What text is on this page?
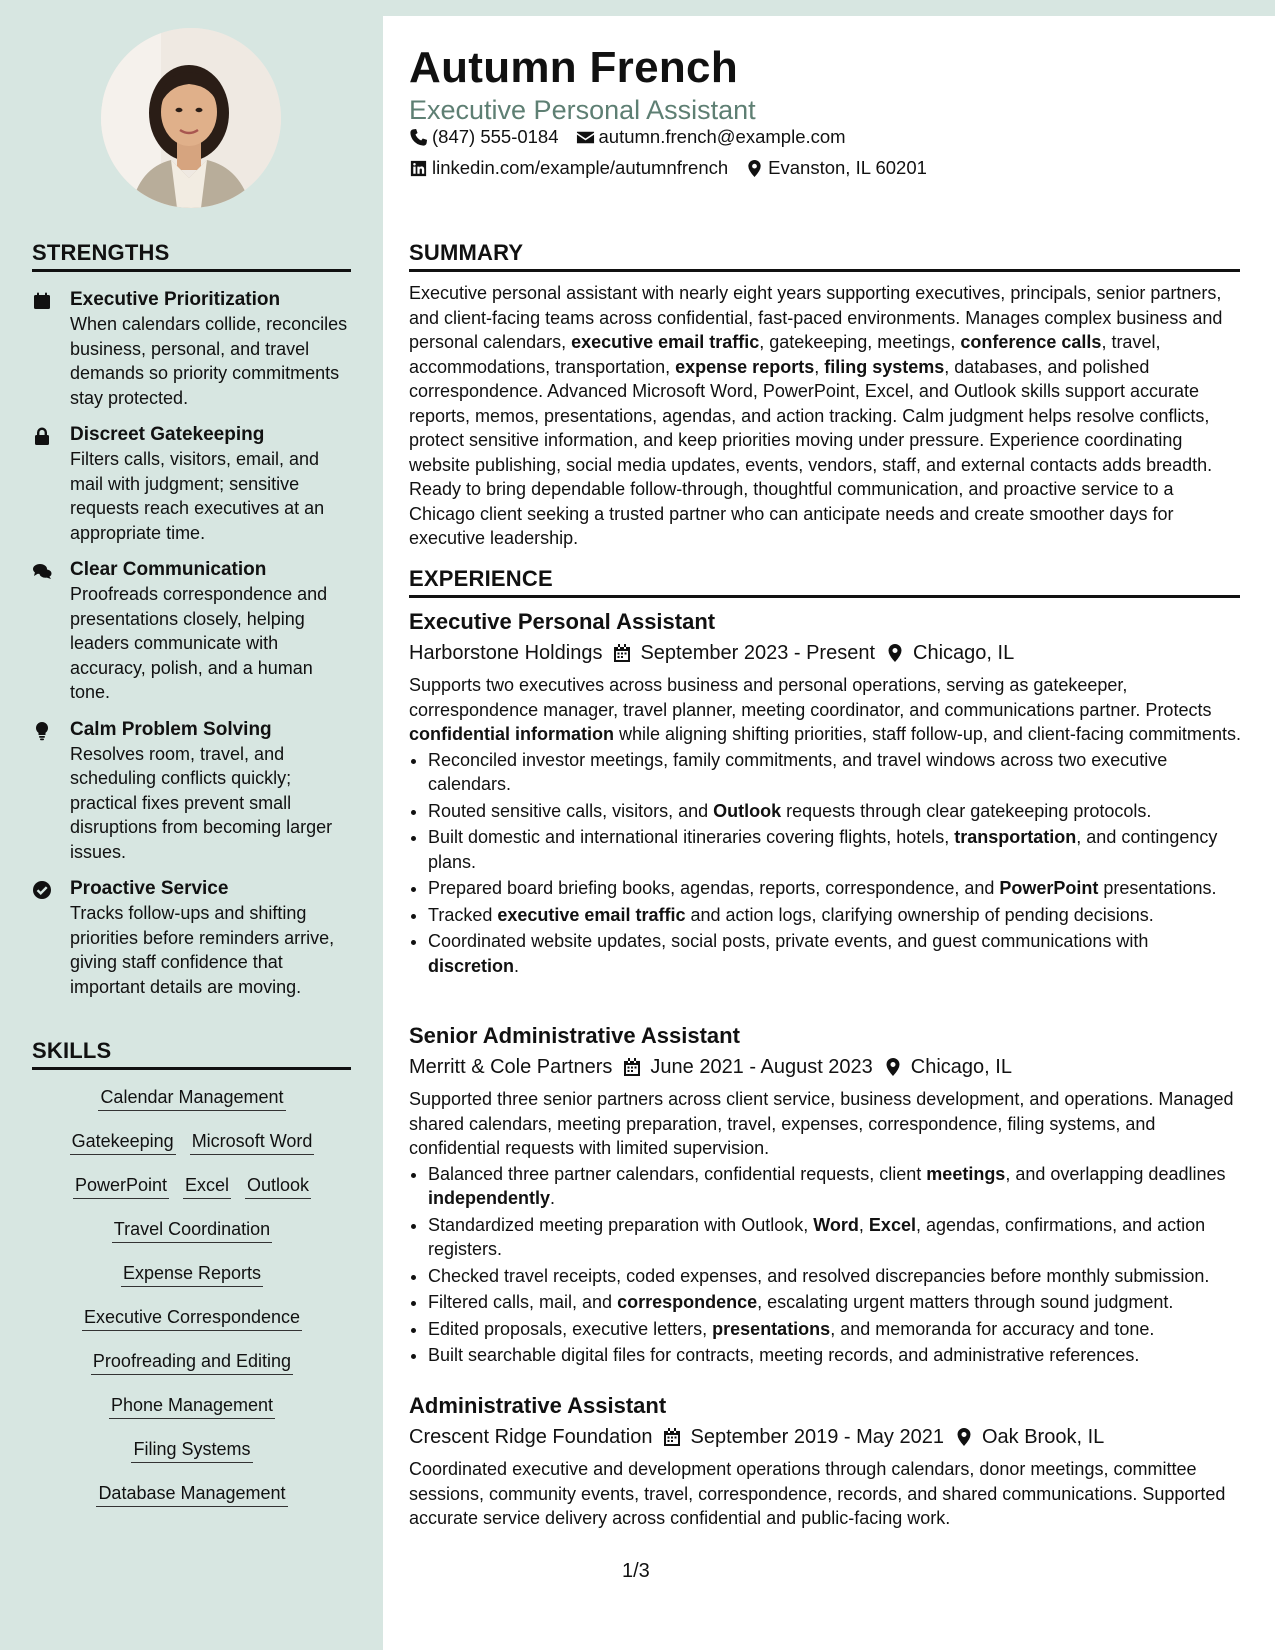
STRENGTHS
Executive Prioritization
When calendars collide, reconciles business, personal, and travel demands so priority commitments stay protected.
Discreet Gatekeeping
Filters calls, visitors, email, and mail with judgment; sensitive requests reach executives at an appropriate time.
Clear Communication
Proofreads correspondence and presentations closely, helping leaders communicate with accuracy, polish, and a human tone.
Calm Problem Solving
Resolves room, travel, and scheduling conflicts quickly; practical fixes prevent small disruptions from becoming larger issues.
Proactive Service
Tracks follow-ups and shifting priorities before reminders arrive, giving staff confidence that important details are moving.
SKILLS
Calendar Management
Gatekeeping Microsoft Word
PowerPoint Excel Outlook
Travel Coordination
Expense Reports
Executive Correspondence
Proofreading and Editing
Phone Management
Filing Systems
Database Management
Autumn French
Executive Personal Assistant
(847) 555-0184 autumn.french@example.com
linkedin.com/example/autumnfrench Evanston, IL 60201
SUMMARY
Executive personal assistant with nearly eight years supporting executives, principals, senior partners, and client-facing teams across confidential, fast-paced environments. Manages complex business and personal calendars, executive email traffic, gatekeeping, meetings, conference calls, travel, accommodations, transportation, expense reports, filing systems, databases, and polished correspondence. Advanced Microsoft Word, PowerPoint, Excel, and Outlook skills support accurate reports, memos, presentations, agendas, and action tracking. Calm judgment helps resolve conflicts, protect sensitive information, and keep priorities moving under pressure. Experience coordinating website publishing, social media updates, events, vendors, staff, and external contacts adds breadth. Ready to bring dependable follow-through, thoughtful communication, and proactive service to a Chicago client seeking a trusted partner who can anticipate needs and create smoother days for executive leadership.
EXPERIENCE
Executive Personal Assistant
Harborstone Holdings September 2023 - Present Chicago, IL
Supports two executives across business and personal operations, serving as gatekeeper, correspondence manager, travel planner, meeting coordinator, and communications partner. Protects confidential information while aligning shifting priorities, staff follow-up, and client-facing commitments.
• Reconciled investor meetings, family commitments, and travel windows across two executive calendars.
• Routed sensitive calls, visitors, and Outlook requests through clear gatekeeping protocols.
• Built domestic and international itineraries covering flights, hotels, transportation, and contingency plans.
• Prepared board briefing books, agendas, reports, correspondence, and PowerPoint presentations.
• Tracked executive email traffic and action logs, clarifying ownership of pending decisions.
• Coordinated website updates, social posts, private events, and guest communications with discretion.
Senior Administrative Assistant
Merritt & Cole Partners June 2021 - August 2023 Chicago, IL
Supported three senior partners across client service, business development, and operations. Managed shared calendars, meeting preparation, travel, expenses, correspondence, filing systems, and confidential requests with limited supervision.
• Balanced three partner calendars, confidential requests, client meetings, and overlapping deadlines independently.
• Standardized meeting preparation with Outlook, Word, Excel, agendas, confirmations, and action registers.
• Checked travel receipts, coded expenses, and resolved discrepancies before monthly submission.
• Filtered calls, mail, and correspondence, escalating urgent matters through sound judgment.
• Edited proposals, executive letters, presentations, and memoranda for accuracy and tone.
• Built searchable digital files for contracts, meeting records, and administrative references.
Administrative Assistant
Crescent Ridge Foundation September 2019 - May 2021 Oak Brook, IL
Coordinated executive and development operations through calendars, donor meetings, committee sessions, community events, travel, correspondence, records, and shared communications. Supported accurate service delivery across confidential and public-facing work.
1/3
